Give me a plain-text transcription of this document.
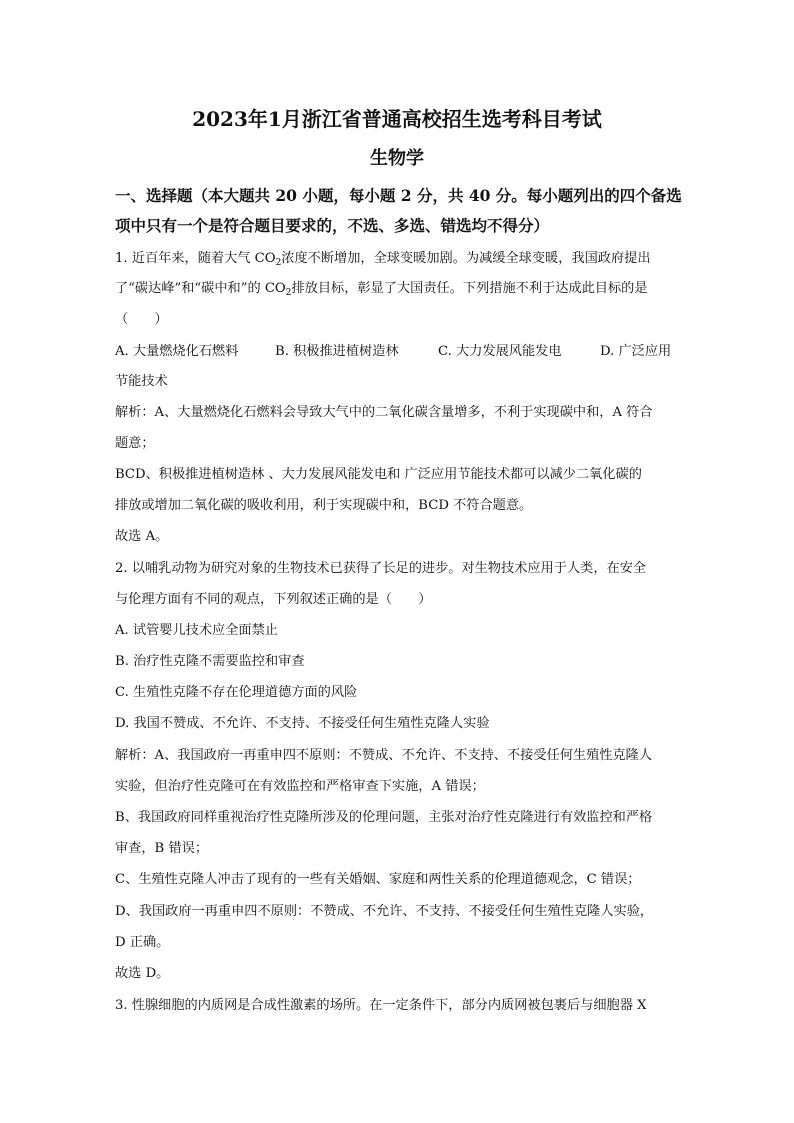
2023年1月浙江省普通高校招生选考科目考试
生物学
一、选择题（本大题共 20 小题，每小题 2 分，共 40 分。每小题列出的四个备选
项中只有一个是符合题目要求的，不选、多选、错选均不得分）
1. 近百年来，随着大气 $CO_2$浓度不断增加，全球变暖加剧。为减缓全球变暖，我国政府提出
了“碳达峰”和“碳中和”的 $CO_2$排放目标，彰显了大国责任。下列措施不利于达成此目标的是
（　　）
A. 大量燃烧化石燃料	B. 积极推进植树造林	C. 大力发展风能发电	D. 广泛应用
节能技术
解析：A、大量燃烧化石燃料会导致大气中的二氧化碳含量增多，不利于实现碳中和，A 符合
题意；
BCD、积极推进植树造林 、大力发展风能发电和 广泛应用节能技术都可以减少二氧化碳的
排放或增加二氧化碳的吸收利用，利于实现碳中和，BCD 不符合题意。
故选 A。
2. 以哺乳动物为研究对象的生物技术已获得了长足的进步。对生物技术应用于人类，在安全
与伦理方面有不同的观点，下列叙述正确的是（　　）
A. 试管婴儿技术应全面禁止
B. 治疗性克隆不需要监控和审查
C. 生殖性克隆不存在伦理道德方面的风险
D. 我国不赞成、不允许、不支持、不接受任何生殖性克隆人实验
解析：A、我国政府一再重申四不原则：不赞成、不允许、不支持、不接受任何生殖性克隆人
实验，但治疗性克隆可在有效监控和严格审查下实施，A 错误；
B、我国政府同样重视治疗性克隆所涉及的伦理问题，主张对治疗性克隆进行有效监控和严格
审查，B 错误；
C、生殖性克隆人冲击了现有的一些有关婚姻、家庭和两性关系的伦理道德观念，C 错误；
D、我国政府一再重申四不原则：不赞成、不允许、不支持、不接受任何生殖性克隆人实验，
D 正确。
故选 D。
3. 性腺细胞的内质网是合成性激素的场所。在一定条件下，部分内质网被包裹后与细胞器 X
